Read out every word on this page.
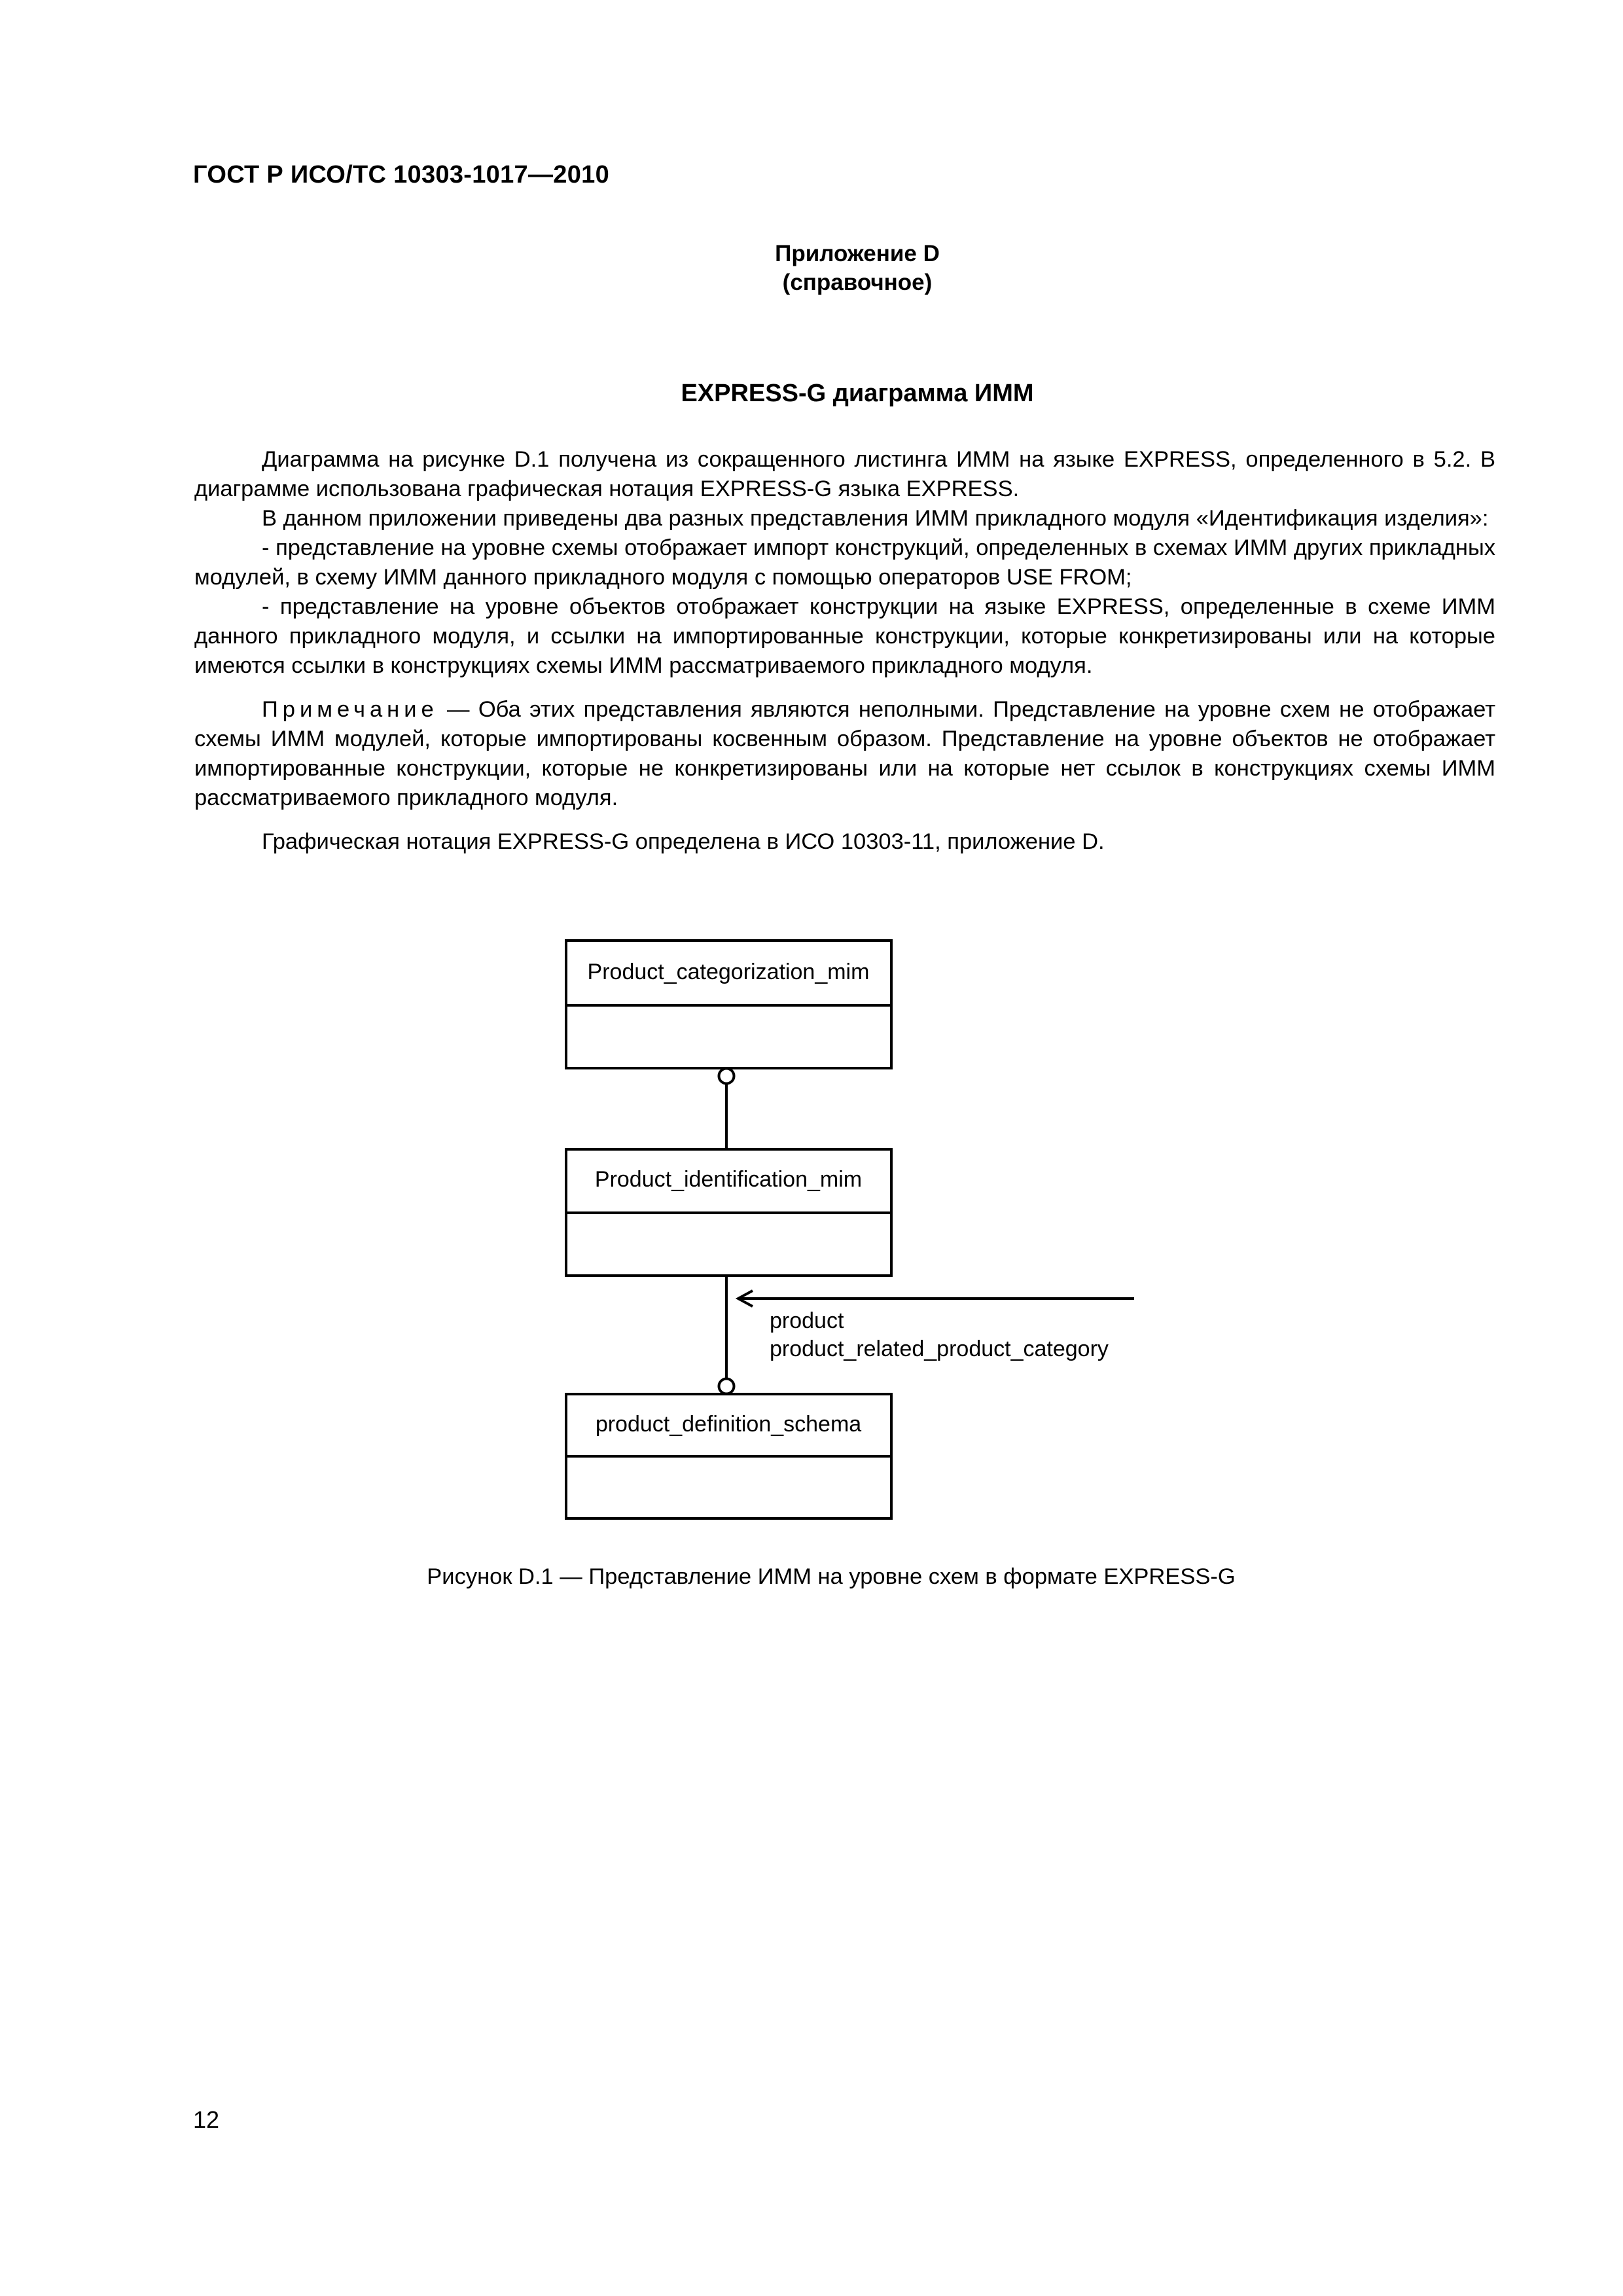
ГОСТ Р ИСО/ТС 10303-1017—2010
Приложение D
(справочное)
EXPRESS-G диаграмма ИММ

Диаграмма на рисунке D.1 получена из сокращенного листинга ИММ на языке EXPRESS, определенного в 5.2. В диаграмме использована графическая нотация EXPRESS-G языка EXPRESS.

В данном приложении приведены два разных представления ИММ прикладного модуля «Идентификация изделия»:

- представление на уровне схемы отображает импорт конструкций, определенных в схемах ИММ других прикладных модулей, в схему ИММ данного прикладного модуля с помощью операторов USE FROM;

- представление на уровне объектов отображает конструкции на языке EXPRESS, определенные в схеме ИММ данного прикладного модуля, и ссылки на импортированные конструкции, которые конкретизированы или на которые имеются ссылки в конструкциях схемы ИММ рассматриваемого прикладного модуля.

Примечание — Оба этих представления являются неполными. Представление на уровне схем не отображает схемы ИММ модулей, которые импортированы косвенным образом. Представление на уровне объектов не отображает импортированные конструкции, которые не конкретизированы или на которые нет ссылок в конструкциях схемы ИММ рассматриваемого прикладного модуля.

Графическая нотация EXPRESS-G определена в ИСО 10303-11, приложение D.

Product_categorization_mim
Product_identification_mim
product_definition_schema
product
product_related_product_category
Рисунок D.1 — Представление ИММ на уровне схем в формате EXPRESS-G
12
